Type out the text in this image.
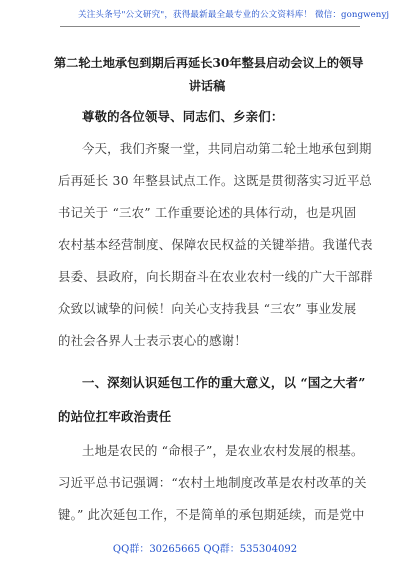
关注头条号"公文研究"，获得最新最全最专业的公文资料库！ 微信：gongwenyj
第二轮土地承包到期后再延长30年整县启动会议上的领导
讲话稿
尊敬的各位领导、同志们、乡亲们：
今天，我们齐聚一堂，共同启动第二轮土地承包到期
后再延长 30 年整县试点工作。这既是贯彻落实习近平总
书记关于 “三农” 工作重要论述的具体行动，也是巩固
农村基本经营制度、保障农民权益的关键举措。我谨代表
县委、县政府，向长期奋斗在农业农村一线的广大干部群
众致以诚挚的问候！向关心支持我县 “三农” 事业发展
的社会各界人士表示衷心的感谢！
一、深刻认识延包工作的重大意义，以 “国之大者”
的站位扛牢政治责任
土地是农民的 “命根子”，是农业农村发展的根基。
习近平总书记强调：“农村土地制度改革是农村改革的关
键。” 此次延包工作，不是简单的承包期延续，而是党中
QQ群：30265665 QQ群：535304092
